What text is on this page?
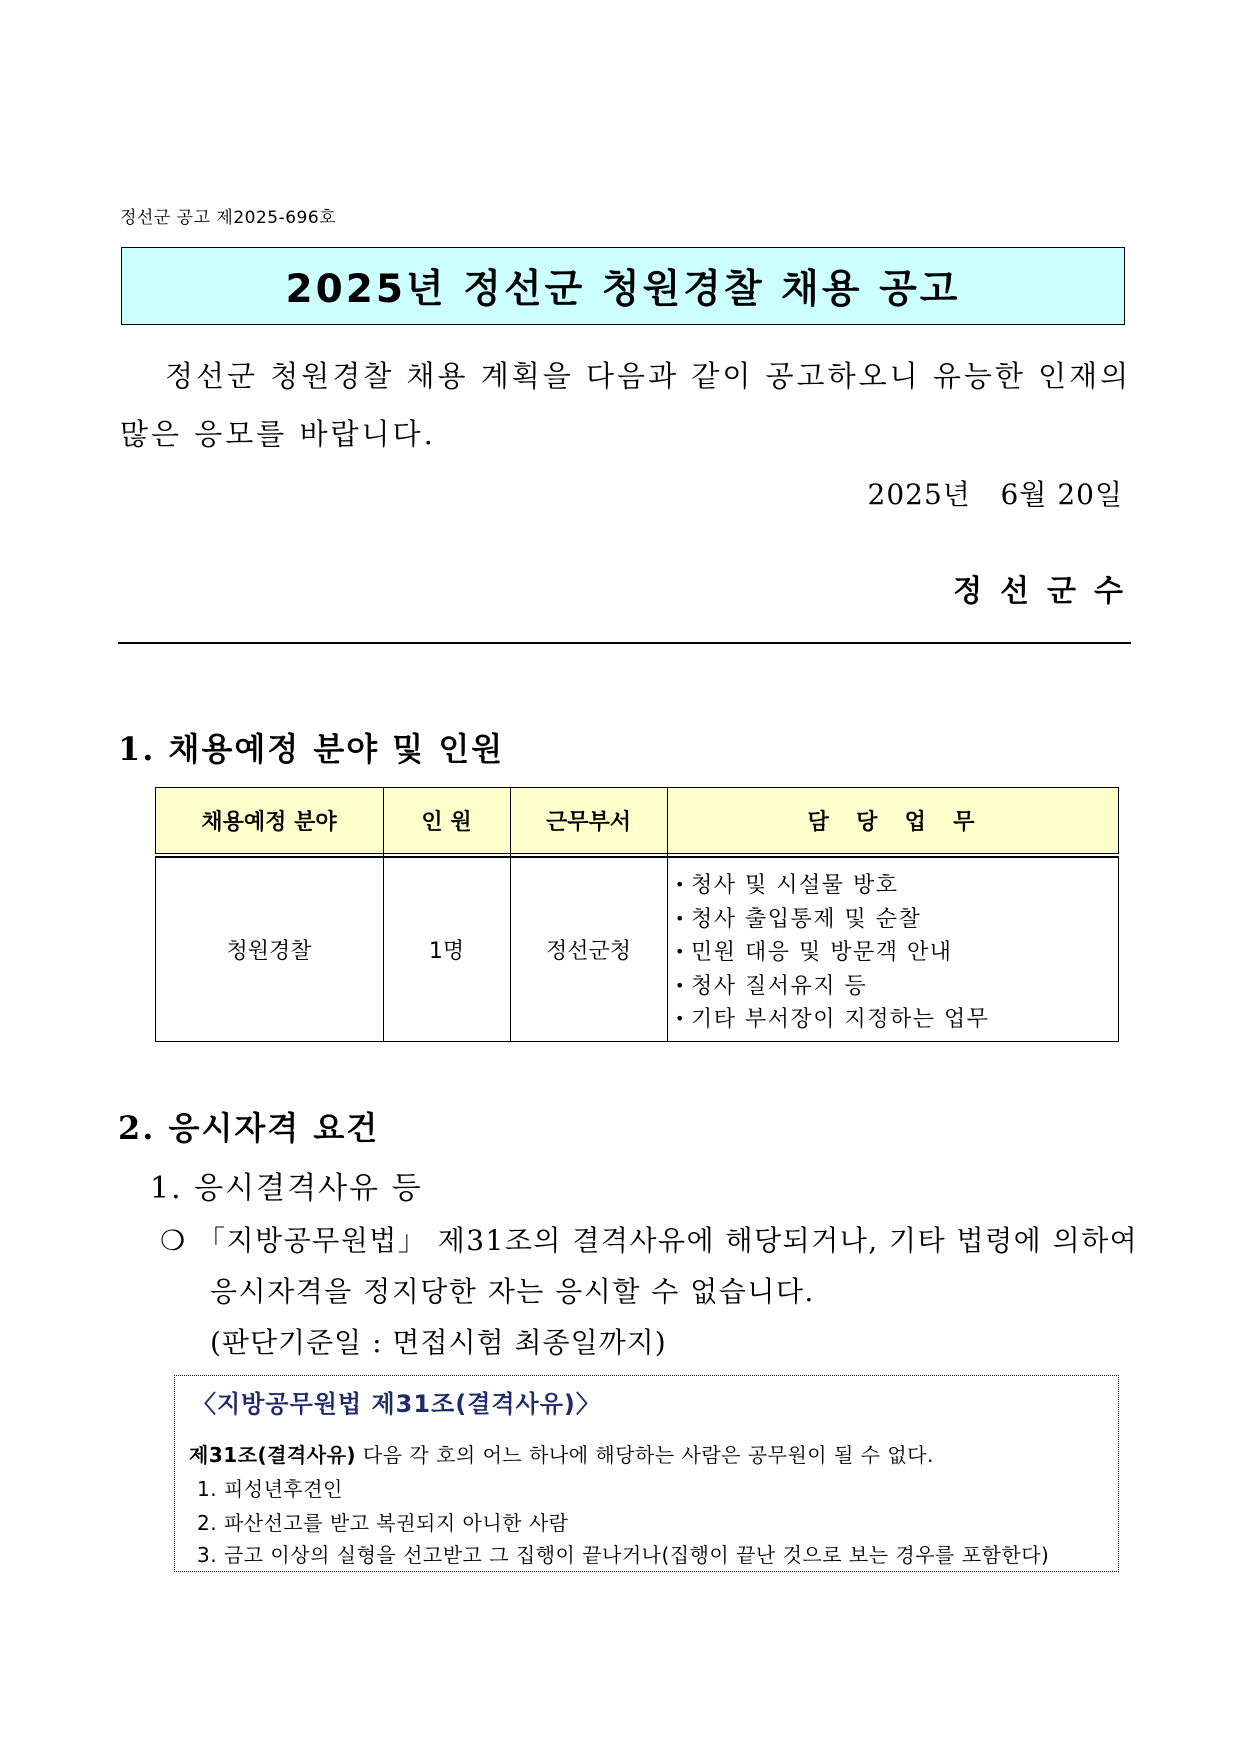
정선군 공고 제2025-696호
2025년 정선군 청원경찰 채용 공고
정선군 청원경찰 채용 계획을 다음과 같이 공고하오니 유능한 인재의
많은 응모를 바랍니다.
2025년   6월 20일
정선군수
1. 채용예정 분야 및 인원
채용예정 분야	인 원	근무부서	담  당  업  무
청원경찰	1명	정선군청
• 청사 및 시설물 방호
• 청사 출입통제 및 순찰
• 민원 대응 및 방문객 안내
• 청사 질서유지 등
• 기타 부서장이 지정하는 업무
2. 응시자격 요건
1. 응시결격사유 등
❍ 「지방공무원법」 제31조의 결격사유에 해당되거나, 기타 법령에 의하여
응시자격을 정지당한 자는 응시할 수 없습니다.
(판단기준일 : 면접시험 최종일까지)
〈지방공무원법 제31조(결격사유)〉
제31조(결격사유) 다음 각 호의 어느 하나에 해당하는 사람은 공무원이 될 수 없다.
1. 피성년후견인
2. 파산선고를 받고 복권되지 아니한 사람
3. 금고 이상의 실형을 선고받고 그 집행이 끝나거나(집행이 끝난 것으로 보는 경우를 포함한다)
